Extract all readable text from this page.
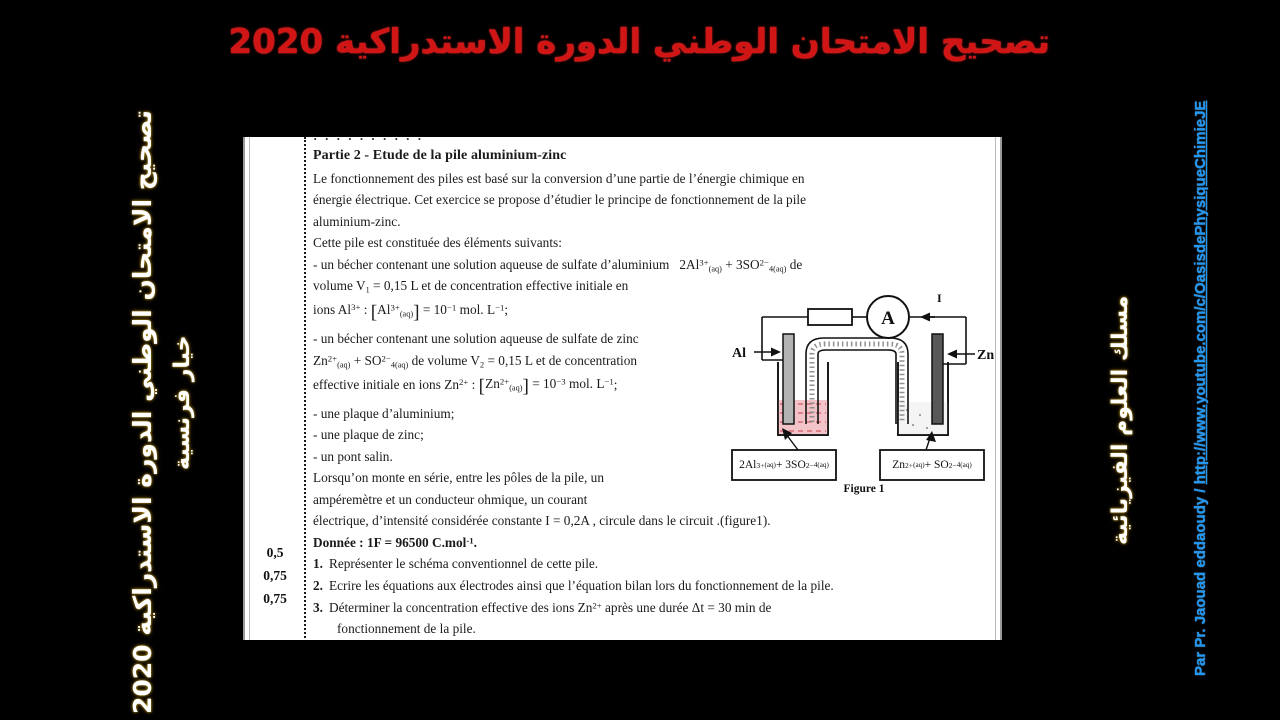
تصحيح الامتحان الوطني الدورة الاستدراكية 2020
تصحيح الامتحان الوطني الدورة الاستدراكية 2020 خيار فرنسية	مسلك العلوم الفيزيائية
Par Pr. Jaouad eddaoudy / http://www.youtube.com/c/OasisdePhysiqueChimieJE
· · · · · · · · · ·
0,5
0,75
0,75

Partie 2 - Etude de la pile aluminium-zinc

Le fonctionnement des piles est basé sur la conversion d’une partie de l’énergie chimique en

énergie électrique. Cet exercice se propose d’étudier le principe de fonctionnement de la pile

aluminium-zinc.

Cette pile est constituée des éléments suivants:

- un bécher contenant une solution aqueuse de sulfate d’aluminium $2Al^{3+}_{(aq)} + 3SO^{2-}_{4(aq)}$ de

volume $V_1 = 0,15$ L et de concentration effective initiale en

ions $Al^{3+}$ : $[Al^{3+}_{(aq)}] = 10^{-1}$ mol. $L^{-1}$;

- un bécher contenant une solution aqueuse de sulfate de zinc

$Zn^{2+}_{(aq)} + SO^{2-}_{4(aq)}$ de volume $V_2 = 0,15$ L et de concentration

effective initiale en ions $Zn^{2+}$ : $[Zn^{2+}_{(aq)}] = 10^{-3}$ mol. $L^{-1}$;

- une plaque d’aluminium;

- une plaque de zinc;

- un pont salin.

Lorsqu’on monte en série, entre les pôles de la pile, un

ampéremètre et un conducteur ohmique, un courant

électrique, d’intensité considérée constante I = 0,2A , circule dans le circuit .(figure1).

Donnée : 1F = 96500 C.mol$^{-1}$.

1. Représenter le schéma conventionnel de cette pile.
2. Ecrire les équations aux électrodes ainsi que l’équation bilan lors du fonctionnement de la pile.
3. Déterminer la concentration effective des ions $Zn^{2+}$ après une durée Δt = 30 min de

fonctionnement de la pile.

A
I
Al	Zn
2Al 3+ (aq) + 3SO 2− 4(aq)	Zn 2+ (aq) + SO 2− 4(aq)
Figure 1
